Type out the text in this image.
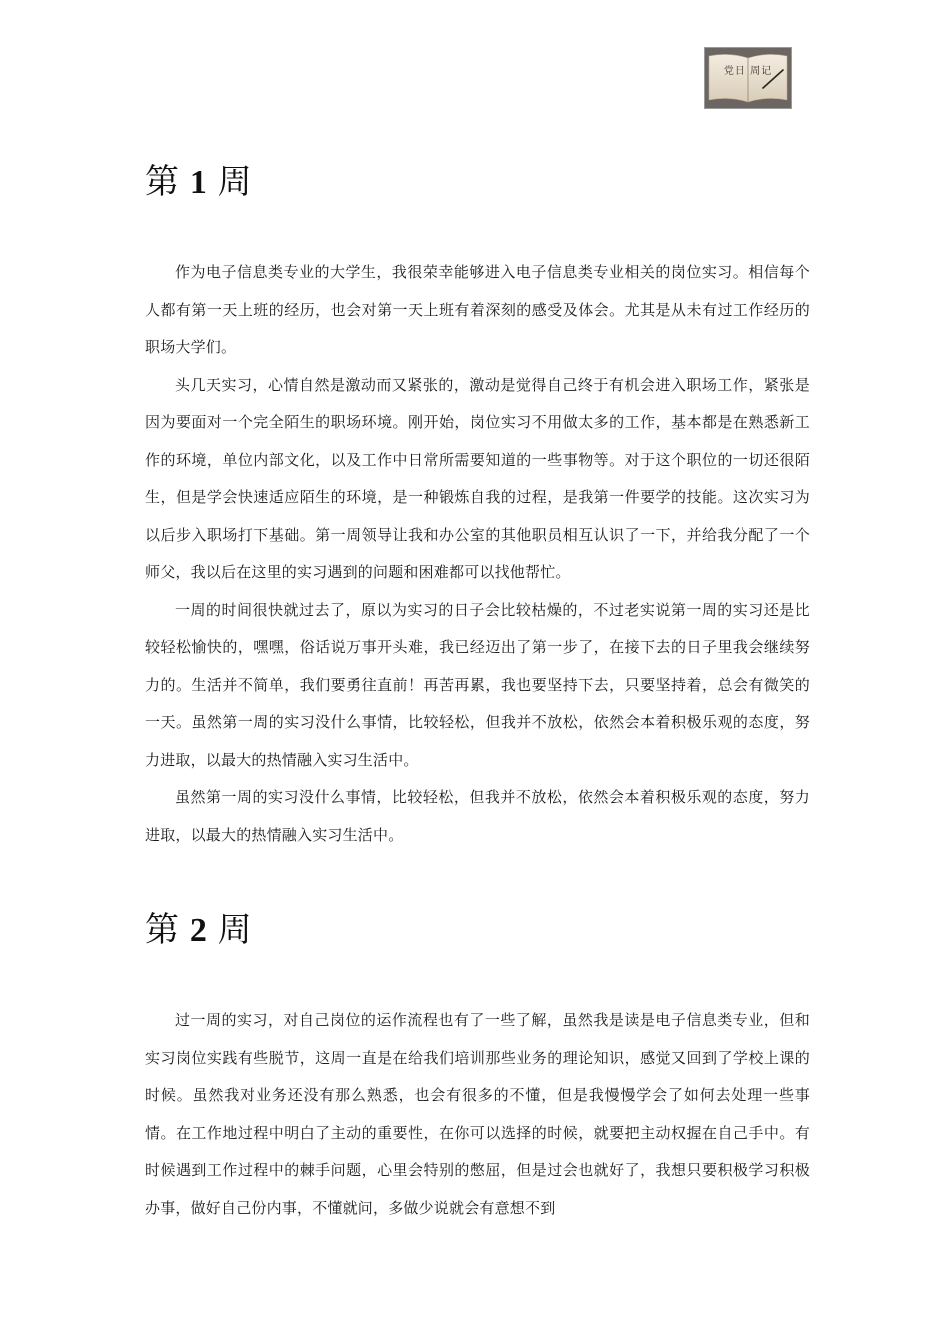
党日 周记
第 1 周

作为电子信息类专业的大学生，我很荣幸能够进入电子信息类专业相关的岗位实习。相信每个人都有第一天上班的经历，也会对第一天上班有着深刻的感受及体会。尤其是从未有过工作经历的职场大学们。

头几天实习，心情自然是激动而又紧张的，激动是觉得自己终于有机会进入职场工作，紧张是因为要面对一个完全陌生的职场环境。刚开始，岗位实习不用做太多的工作，基本都是在熟悉新工作的环境，单位内部文化，以及工作中日常所需要知道的一些事物等。对于这个职位的一切还很陌生，但是学会快速适应陌生的环境，是一种锻炼自我的过程，是我第一件要学的技能。这次实习为以后步入职场打下基础。第一周领导让我和办公室的其他职员相互认识了一下，并给我分配了一个师父，我以后在这里的实习遇到的问题和困难都可以找他帮忙。

一周的时间很快就过去了，原以为实习的日子会比较枯燥的，不过老实说第一周的实习还是比较轻松愉快的，嘿嘿，俗话说万事开头难，我已经迈出了第一步了，在接下去的日子里我会继续努力的。生活并不简单，我们要勇往直前！再苦再累，我也要坚持下去，只要坚持着，总会有微笑的一天。虽然第一周的实习没什么事情，比较轻松，但我并不放松，依然会本着积极乐观的态度，努力进取，以最大的热情融入实习生活中。

虽然第一周的实习没什么事情，比较轻松，但我并不放松，依然会本着积极乐观的态度，努力进取，以最大的热情融入实习生活中。

第 2 周

过一周的实习，对自己岗位的运作流程也有了一些了解，虽然我是读是电子信息类专业，但和实习岗位实践有些脱节，这周一直是在给我们培训那些业务的理论知识，感觉又回到了学校上课的时候。虽然我对业务还没有那么熟悉，也会有很多的不懂，但是我慢慢学会了如何去处理一些事情。在工作地过程中明白了主动的重要性，在你可以选择的时候，就要把主动权握在自己手中。有时候遇到工作过程中的棘手问题，心里会特别的憋屈，但是过会也就好了，我想只要积极学习积极办事，做好自己份内事，不懂就问，多做少说就会有意想不到
